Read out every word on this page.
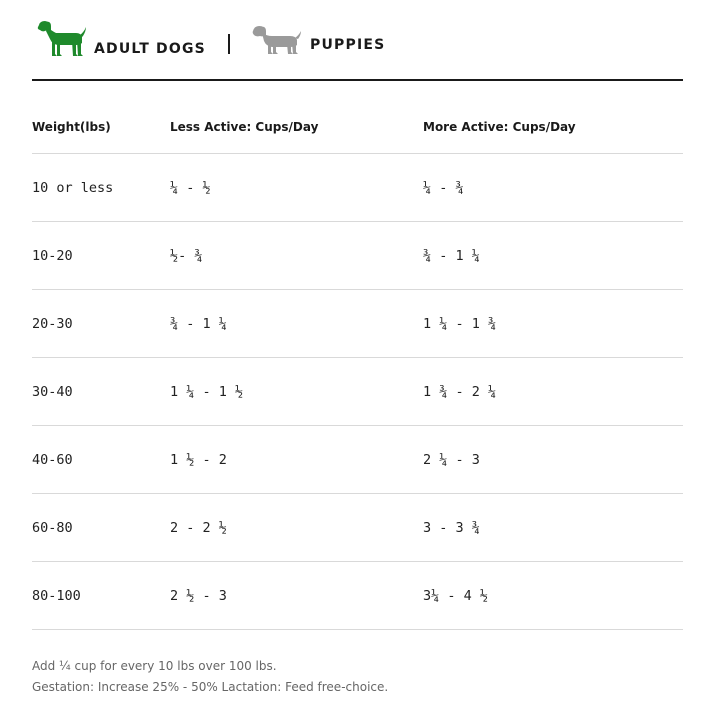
ADULT DOGS	PUPPIES
Weight(lbs)	Less Active: Cups/Day	More Active: Cups/Day
10 or less	¼ - ½	¼ - ¾
10-20	½- ¾	¾ - 1 ¼
20-30	¾ - 1 ¼	1 ¼ - 1 ¾
30-40	1 ¼ - 1 ½	1 ¾ - 2 ¼
40-60	1 ½ - 2	2 ¼ - 3
60-80	2 - 2 ½	3 - 3 ¾
80-100	2 ½ - 3	3¼ - 4 ½
Add ¼ cup for every 10 lbs over 100 lbs.
Gestation: Increase 25% - 50% Lactation: Feed free-choice.
